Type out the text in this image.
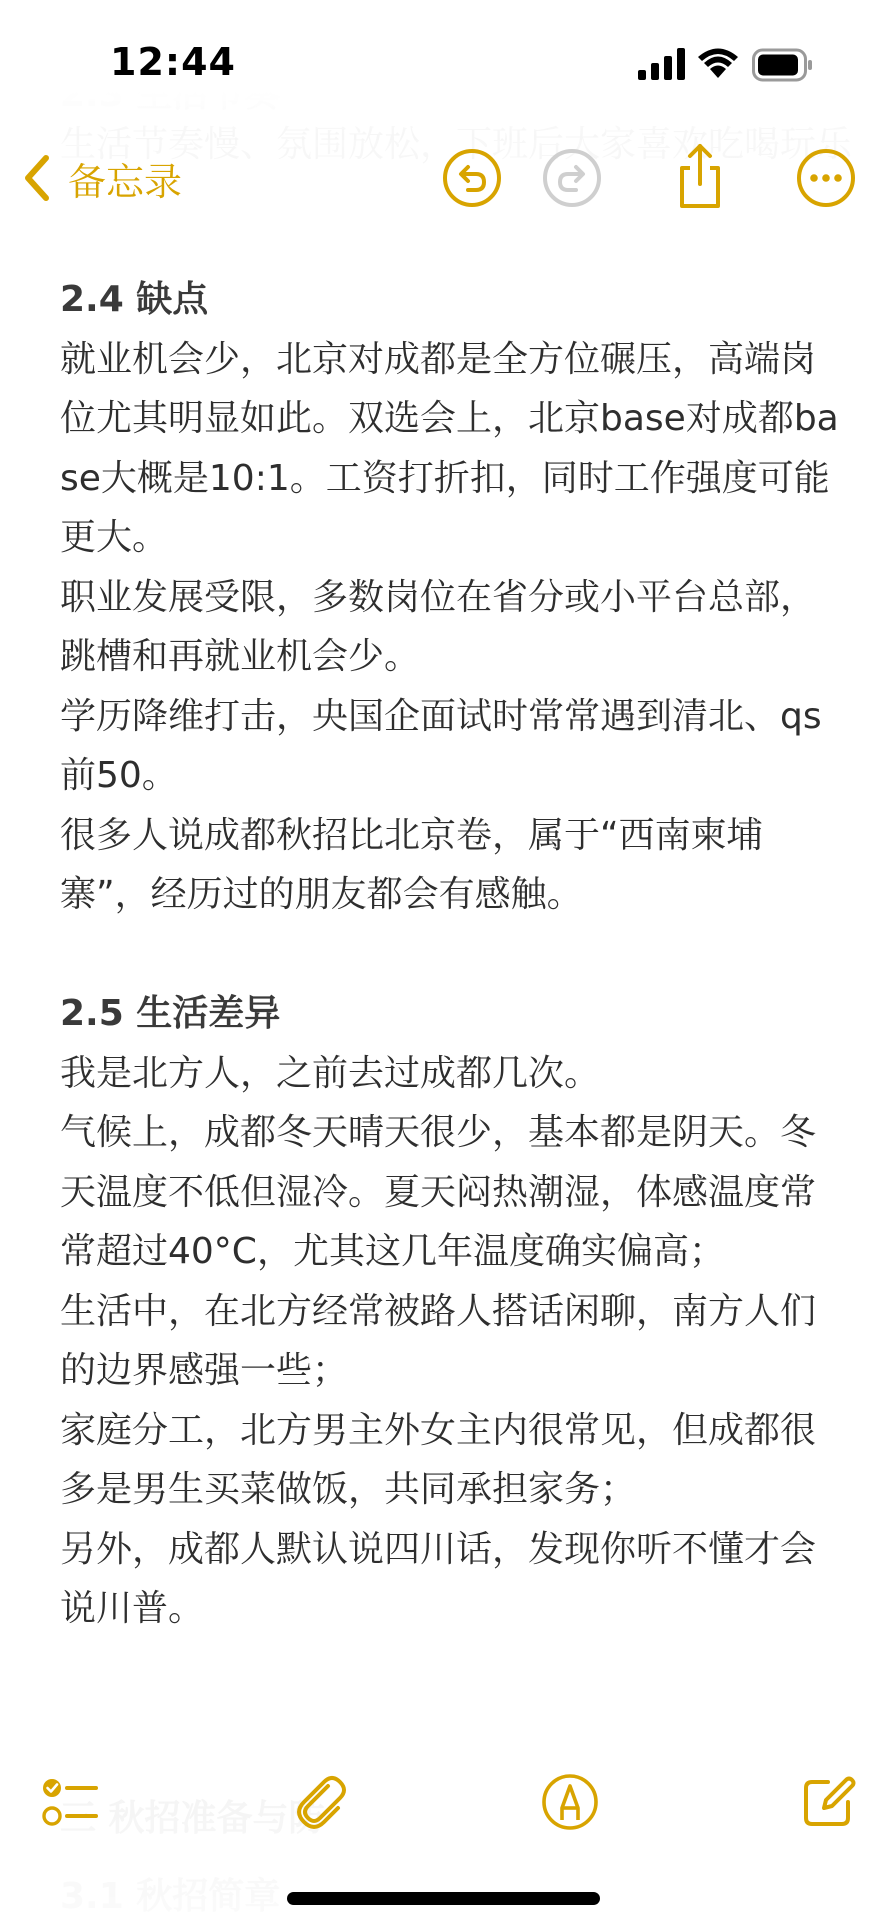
12:44
备忘录
2.4 缺点
就业机会少，北京对成都是全方位碾压，高端岗位尤其明显如此。双选会上，北京base对成都base大概是10:1。工资打折扣，同时工作强度可能更大。
职业发展受限，多数岗位在省分或小平台总部，跳槽和再就业机会少。
学历降维打击，央国企面试时常常遇到清北、qs前50。
很多人说成都秋招比北京卷，属于“西南柬埔寨”，经历过的朋友都会有感触。
2.5 生活差异
我是北方人，之前去过成都几次。
气候上，成都冬天晴天很少，基本都是阴天。冬天温度不低但湿冷。夏天闷热潮湿，体感温度常常超过40°C，尤其这几年温度确实偏高；
生活中，在北方经常被路人搭话闲聊，南方人们的边界感强一些；
家庭分工，北方男主外女主内很常见，但成都很多是男生买菜做饭，共同承担家务；
另外，成都人默认说四川话，发现你听不懂才会说川普。
